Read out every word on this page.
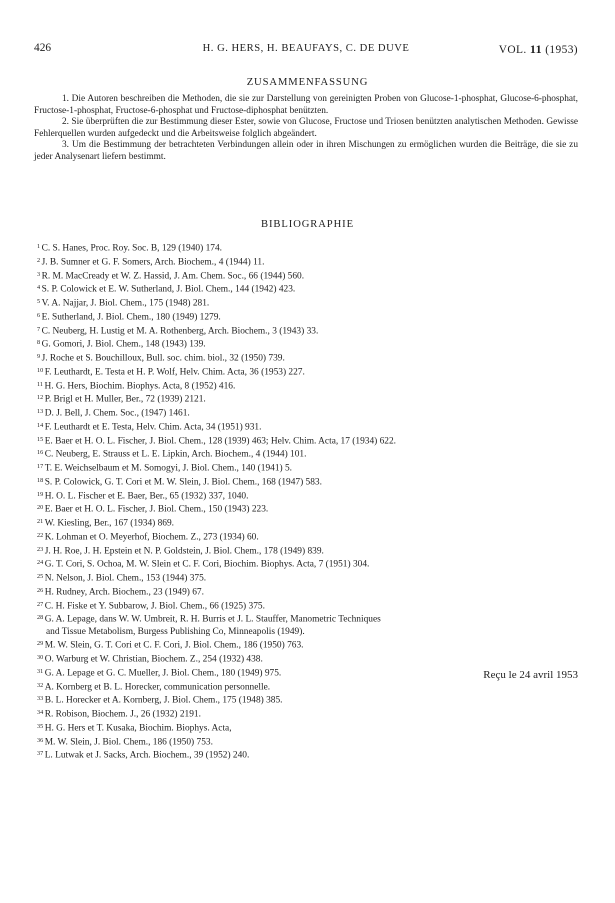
426	H. G. HERS, H. BEAUFAYS, C. DE DUVE	VOL. 11 (1953)
ZUSAMMENFASSUNG

1. Die Autoren beschreiben die Methoden, die sie zur Darstellung von gereinigten Proben von Glucose-1-phosphat, Glucose-6-phosphat, Fructose-1-phosphat, Fructose-6-phosphat und Fructose-diphosphat benützten.

2. Sie überprüften die zur Bestimmung dieser Ester, sowie von Glucose, Fructose und Triosen benützten analytischen Methoden. Gewisse Fehlerquellen wurden aufgedeckt und die Arbeitsweise folglich abgeändert.

3. Um die Bestimmung der betrachteten Verbindungen allein oder in ihren Mischungen zu ermöglichen wurden die Beiträge, die sie zu jeder Analysenart liefern bestimmt.

BIBLIOGRAPHIE
$^1$ C. S. Hanes, Proc. Roy. Soc. B, 129 (1940) 174.
$^2$ J. B. Sumner et G. F. Somers, Arch. Biochem., 4 (1944) 11.
$^3$ R. M. MacCready et W. Z. Hassid, J. Am. Chem. Soc., 66 (1944) 560.
$^4$ S. P. Colowick et E. W. Sutherland, J. Biol. Chem., 144 (1942) 423.
$^5$ V. A. Najjar, J. Biol. Chem., 175 (1948) 281.
$^6$ E. Sutherland, J. Biol. Chem., 180 (1949) 1279.
$^7$ C. Neuberg, H. Lustig et M. A. Rothenberg, Arch. Biochem., 3 (1943) 33.
$^8$ G. Gomori, J. Biol. Chem., 148 (1943) 139.
$^9$ J. Roche et S. Bouchilloux, Bull. soc. chim. biol., 32 (1950) 739.
$^{10}$ F. Leuthardt, E. Testa et H. P. Wolf, Helv. Chim. Acta, 36 (1953) 227.
$^{11}$ H. G. Hers, Biochim. Biophys. Acta, 8 (1952) 416.
$^{12}$ P. Brigl et H. Muller, Ber., 72 (1939) 2121.
$^{13}$ D. J. Bell, J. Chem. Soc., (1947) 1461.
$^{14}$ F. Leuthardt et E. Testa, Helv. Chim. Acta, 34 (1951) 931.
$^{15}$ E. Baer et H. O. L. Fischer, J. Biol. Chem., 128 (1939) 463; Helv. Chim. Acta, 17 (1934) 622.
$^{16}$ C. Neuberg, E. Strauss et L. E. Lipkin, Arch. Biochem., 4 (1944) 101.
$^{17}$ T. E. Weichselbaum et M. Somogyi, J. Biol. Chem., 140 (1941) 5.
$^{18}$ S. P. Colowick, G. T. Cori et M. W. Slein, J. Biol. Chem., 168 (1947) 583.
$^{19}$ H. O. L. Fischer et E. Baer, Ber., 65 (1932) 337, 1040.
$^{20}$ E. Baer et H. O. L. Fischer, J. Biol. Chem., 150 (1943) 223.
$^{21}$ W. Kiesling, Ber., 167 (1934) 869.
$^{22}$ K. Lohman et O. Meyerhof, Biochem. Z., 273 (1934) 60.
$^{23}$ J. H. Roe, J. H. Epstein et N. P. Goldstein, J. Biol. Chem., 178 (1949) 839.
$^{24}$ G. T. Cori, S. Ochoa, M. W. Slein et C. F. Cori, Biochim. Biophys. Acta, 7 (1951) 304.
$^{25}$ N. Nelson, J. Biol. Chem., 153 (1944) 375.
$^{26}$ H. Rudney, Arch. Biochem., 23 (1949) 67.
$^{27}$ C. H. Fiske et Y. Subbarow, J. Biol. Chem., 66 (1925) 375.
$^{28}$ G. A. Lepage, dans W. W. Umbreit, R. H. Burris et J. L. Stauffer, Manometric Techniques
and Tissue Metabolism, Burgess Publishing Co, Minneapolis (1949).
$^{29}$ M. W. Slein, G. T. Cori et C. F. Cori, J. Biol. Chem., 186 (1950) 763.
$^{30}$ O. Warburg et W. Christian, Biochem. Z., 254 (1932) 438.
$^{31}$ G. A. Lepage et G. C. Mueller, J. Biol. Chem., 180 (1949) 975.
$^{32}$ A. Kornberg et B. L. Horecker, communication personnelle.
$^{33}$ B. L. Horecker et A. Kornberg, J. Biol. Chem., 175 (1948) 385.
$^{34}$ R. Robison, Biochem. J., 26 (1932) 2191.
$^{35}$ H. G. Hers et T. Kusaka, Biochim. Biophys. Acta,
$^{36}$ M. W. Slein, J. Biol. Chem., 186 (1950) 753.
$^{37}$ L. Lutwak et J. Sacks, Arch. Biochem., 39 (1952) 240.
Reçu le 24 avril 1953
